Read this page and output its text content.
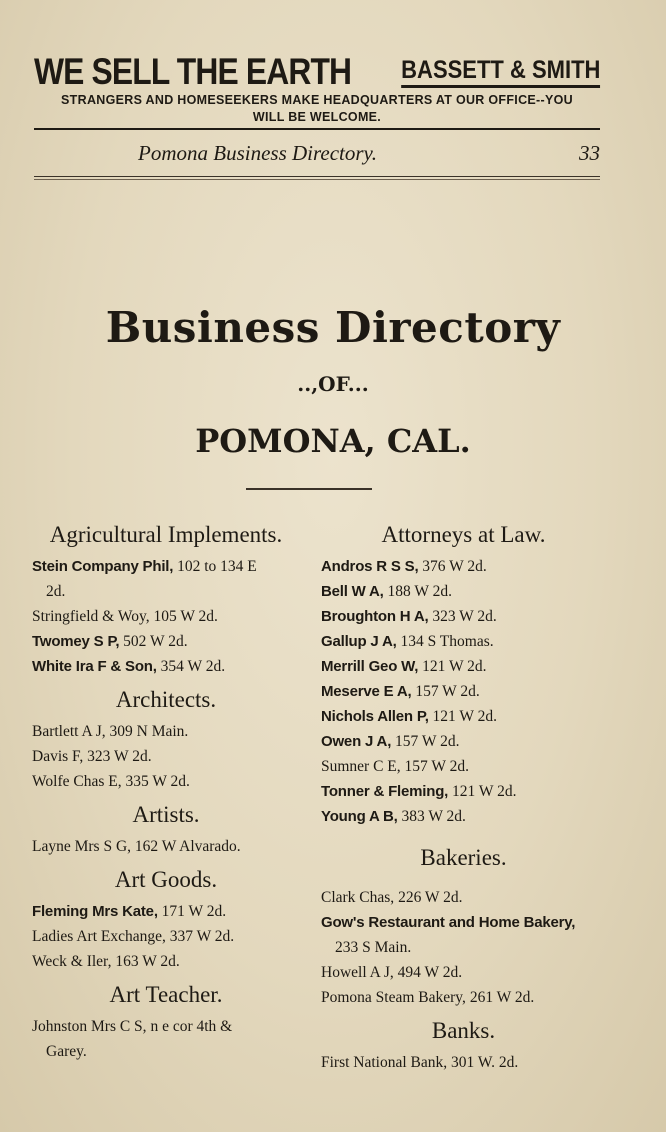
WE SELL THE EARTH BASSETT & SMITH
STRANGERS AND HOMESEEKERS MAKE HEADQUARTERS AT OUR OFFICE--YOU
WILL BE WELCOME.
Pomona Business Directory.	33
Business Directory
..,OF...
POMONA, CAL.
Agricultural Implements.
Stein Company Phil, 102 to 134 E
2d.
Stringfield & Woy, 105 W 2d.
Twomey S P, 502 W 2d.
White Ira F & Son, 354 W 2d.
Architects.
Bartlett A J, 309 N Main.
Davis F, 323 W 2d.
Wolfe Chas E, 335 W 2d.
Artists.
Layne Mrs S G, 162 W Alvarado.
Art Goods.
Fleming Mrs Kate, 171 W 2d.
Ladies Art Exchange, 337 W 2d.
Weck & Iler, 163 W 2d.
Art Teacher.
Johnston Mrs C S, n e cor 4th &
Garey.
Attorneys at Law.
Andros R S S, 376 W 2d.
Bell W A, 188 W 2d.
Broughton H A, 323 W 2d.
Gallup J A, 134 S Thomas.
Merrill Geo W, 121 W 2d.
Meserve E A, 157 W 2d.
Nichols Allen P, 121 W 2d.
Owen J A, 157 W 2d.
Sumner C E, 157 W 2d.
Tonner & Fleming, 121 W 2d.
Young A B, 383 W 2d.
Bakeries.
Clark Chas, 226 W 2d.
Gow's Restaurant and Home Bakery,
233 S Main.
Howell A J, 494 W 2d.
Pomona Steam Bakery, 261 W 2d.
Banks.
First National Bank, 301 W. 2d.
